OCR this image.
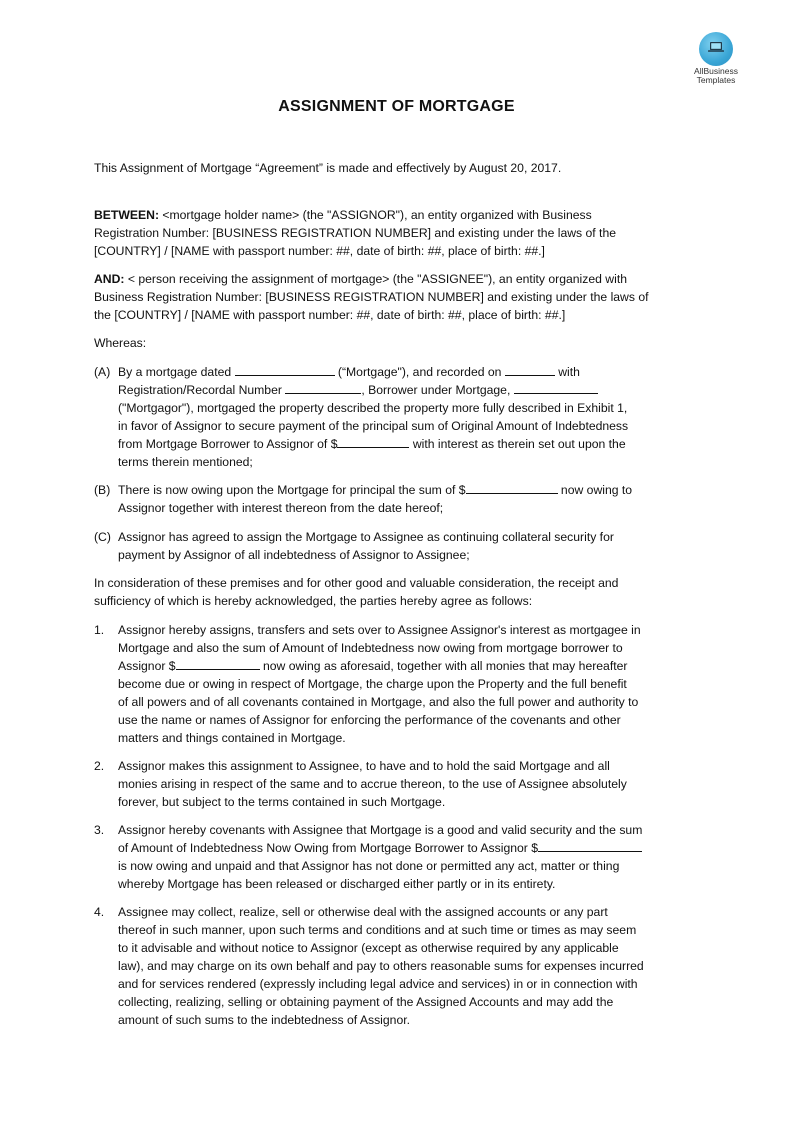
AllBusiness
Templates
ASSIGNMENT OF MORTGAGE
This Assignment of Mortgage “Agreement” is made and effectively by August 20, 2017.
BETWEEN: <mortgage holder name> (the "ASSIGNOR"), an entity organized with Business
Registration Number: [BUSINESS REGISTRATION NUMBER] and existing under the laws of the
[COUNTRY] / [NAME with passport number: ##, date of birth: ##, place of birth: ##.]
AND: < person receiving the assignment of mortgage> (the "ASSIGNEE"), an entity organized with
Business Registration Number: [BUSINESS REGISTRATION NUMBER] and existing under the laws of
the [COUNTRY] / [NAME with passport number: ##, date of birth: ##, place of birth: ##.]
Whereas:
(A) By a mortgage dated	(“Mortgage"), and recorded on	with
Registration/Recordal Number	, Borrower under Mortgage,
("Mortgagor"), mortgaged the property described the property more fully described in Exhibit 1,
in favor of Assignor to secure payment of the principal sum of Original Amount of Indebtedness
from Mortgage Borrower to Assignor of $	with interest as therein set out upon the
terms therein mentioned;
(B) There is now owing upon the Mortgage for principal the sum of $	now owing to
Assignor together with interest thereon from the date hereof;
(C) Assignor has agreed to assign the Mortgage to Assignee as continuing collateral security for
payment by Assignor of all indebtedness of Assignor to Assignee;
In consideration of these premises and for other good and valuable consideration, the receipt and
sufficiency of which is hereby acknowledged, the parties hereby agree as follows:
1.	Assignor hereby assigns, transfers and sets over to Assignee Assignor's interest as mortgagee in
Mortgage and also the sum of Amount of Indebtedness now owing from mortgage borrower to
Assignor $	now owing as aforesaid, together with all monies that may hereafter
become due or owing in respect of Mortgage, the charge upon the Property and the full benefit
of all powers and of all covenants contained in Mortgage, and also the full power and authority to
use the name or names of Assignor for enforcing the performance of the covenants and other
matters and things contained in Mortgage.
2.	Assignor makes this assignment to Assignee, to have and to hold the said Mortgage and all
monies arising in respect of the same and to accrue thereon, to the use of Assignee absolutely
forever, but subject to the terms contained in such Mortgage.
3.	Assignor hereby covenants with Assignee that Mortgage is a good and valid security and the sum
of Amount of Indebtedness Now Owing from Mortgage Borrower to Assignor $
is now owing and unpaid and that Assignor has not done or permitted any act, matter or thing
whereby Mortgage has been released or discharged either partly or in its entirety.
4.	Assignee may collect, realize, sell or otherwise deal with the assigned accounts or any part
thereof in such manner, upon such terms and conditions and at such time or times as may seem
to it advisable and without notice to Assignor (except as otherwise required by any applicable
law), and may charge on its own behalf and pay to others reasonable sums for expenses incurred
and for services rendered (expressly including legal advice and services) in or in connection with
collecting, realizing, selling or obtaining payment of the Assigned Accounts and may add the
amount of such sums to the indebtedness of Assignor.
